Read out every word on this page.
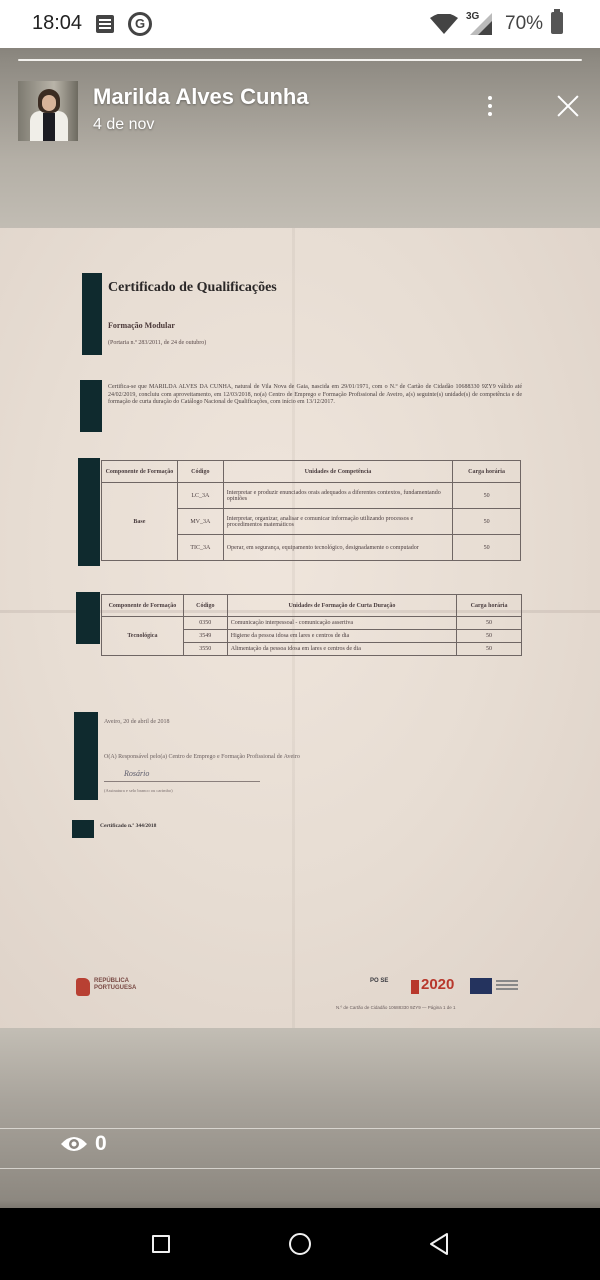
18:04	G	3G 70%
Marilda Alves Cunha
4 de nov
Certificado de Qualificações
Formação Modular
(Portaria n.º 283/2011, de 24 de outubro)
Certifica-se que MARILDA ALVES DA CUNHA, natural de Vila Nova de Gaia, nascida em 29/01/1971, com o N.º de Cartão de Cidadão 10688330 9ZY9 válido até 24/02/2019, concluiu com aproveitamento, em 12/03/2018, no(a) Centro de Emprego e Formação Profissional de Aveiro, a(s) seguinte(s) unidade(s) de competência e de formação de curta duração do Catálogo Nacional de Qualificações, com início em 13/12/2017.
Componente de Formação	Código	Unidades de Competência	Carga horária
Base	LC_3A	Interpretar e produzir enunciados orais adequados a diferentes contextos, fundamentando opiniões	50
	MV_3A	Interpretar, organizar, analisar e comunicar informação utilizando processos e procedimentos matemáticos	50
	TIC_3A	Operar, em segurança, equipamento tecnológico, designadamente o computador	50
Componente de Formação	Código	Unidades de Formação de Curta Duração	Carga horária
Tecnológica	0350	Comunicação interpessoal - comunicação assertiva	50
	3549	Higiene da pessoa idosa em lares e centros de dia	50
	3550	Alimentação da pessoa idosa em lares e centros de dia	50
Aveiro, 20 de abril de 2018
O(A) Responsável pelo(a) Centro de Emprego e Formação Profissional de Aveiro
Rosário
(Assinatura e selo branco ou carimbo)
Certificado n.º 344/2018
REPÚBLICA PORTUGUESA
PO SE 2020
N.º de Cartão de Cidadão 10688330 9ZY9 — Página 1 de 1
0
